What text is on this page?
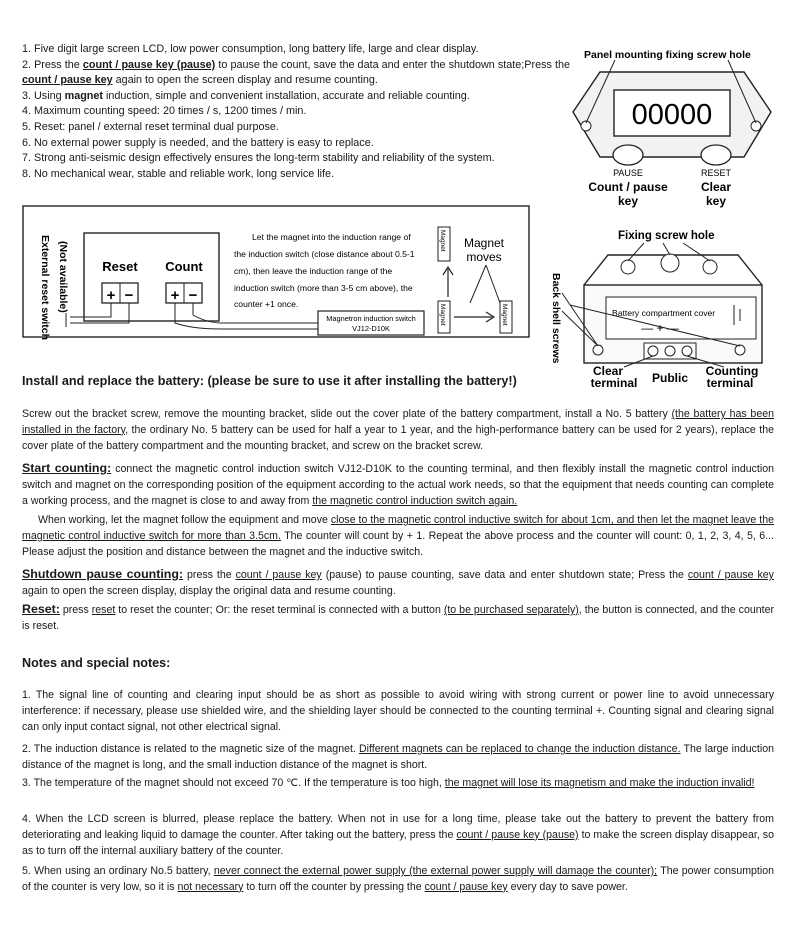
1. Five digit large screen LCD, low power consumption, long battery life, large and clear display.
2. Press the count / pause key (pause) to pause the count, save the data and enter the shutdown state;Press the count / pause key again to open the screen display and resume counting.
3. Using magnet induction, simple and convenient installation, accurate and reliable counting.
4. Maximum counting speed: 20 times / s, 1200 times / min.
5. Reset: panel / external reset terminal dual purpose.
6. No external power supply is needed, and the battery is easy to replace.
7. Strong anti-seismic design effectively ensures the long-term stability and reliability of the system.
8. No mechanical wear, stable and reliable work, long service life.
Panel mounting fixing screw hole
00000
PAUSE	RESET
Count / pause
key
Clear
key
External reset switch (Not available)	Reset Count
+ − + −
Let the magnet into the induction range of
the induction switch (close distance about 0.5-1
cm), then leave the induction range of the
induction switch (more than 3-5 cm above), the
counter +1 once.
Magnetron induction switch
VJ12-D10K
Magnet
Magnet	Magnet
Magnet
moves
Fixing screw hole
Back shell screws	Battery compartment cover
— + —
Clear
terminal Public Counting
terminal
Install and replace the battery: (please be sure to use it after installing the battery!)

Screw out the bracket screw, remove the mounting bracket, slide out the cover plate of the battery compartment, install a No. 5 battery (the battery has been installed in the factory, the ordinary No. 5 battery can be used for half a year to 1 year, and the high-performance battery can be used for 2 years), replace the cover plate of the battery compartment and the mounting bracket, and screw on the bracket screw.

Start counting: connect the magnetic control induction switch VJ12-D10K to the counting terminal, and then flexibly install the magnetic control induction switch and magnet on the corresponding position of the equipment according to the actual work needs, so that the equipment that needs counting can complete a working process, and the magnet is close to and away from the magnetic control induction switch again.

When working, let the magnet follow the equipment and move close to the magnetic control inductive switch for about 1cm, and then let the magnet leave the magnetic control inductive switch for more than 3.5cm. The counter will count by + 1. Repeat the above process and the counter will count: 0, 1, 2, 3, 4, 5, 6... Please adjust the position and distance between the magnet and the inductive switch.

Shutdown pause counting: press the count / pause key (pause) to pause counting, save data and enter shutdown state; Press the count / pause key again to open the screen display, display the original data and resume counting.

Reset: press reset to reset the counter; Or: the reset terminal is connected with a button (to be purchased separately), the button is connected, and the counter is reset.

Notes and special notes:

1. The signal line of counting and clearing input should be as short as possible to avoid wiring with strong current or power line to avoid unnecessary interference: if necessary, please use shielded wire, and the shielding layer should be connected to the counting terminal +. Counting signal and clearing signal can only input contact signal, not other electrical signal.

2. The induction distance is related to the magnetic size of the magnet. Different magnets can be replaced to change the induction distance. The large induction distance of the magnet is long, and the small induction distance of the magnet is short.

3. The temperature of the magnet should not exceed 70 ℃. If the temperature is too high, the magnet will lose its magnetism and make the induction invalid!

4. When the LCD screen is blurred, please replace the battery. When not in use for a long time, please take out the battery to prevent the battery from deteriorating and leaking liquid to damage the counter. After taking out the battery, press the count / pause key (pause) to make the screen display disappear, so as to turn off the internal auxiliary battery of the counter.

5. When using an ordinary No.5 battery, never connect the external power supply (the external power supply will damage the counter); The power consumption of the counter is very low, so it is not necessary to turn off the counter by pressing the count / pause key every day to save power.
